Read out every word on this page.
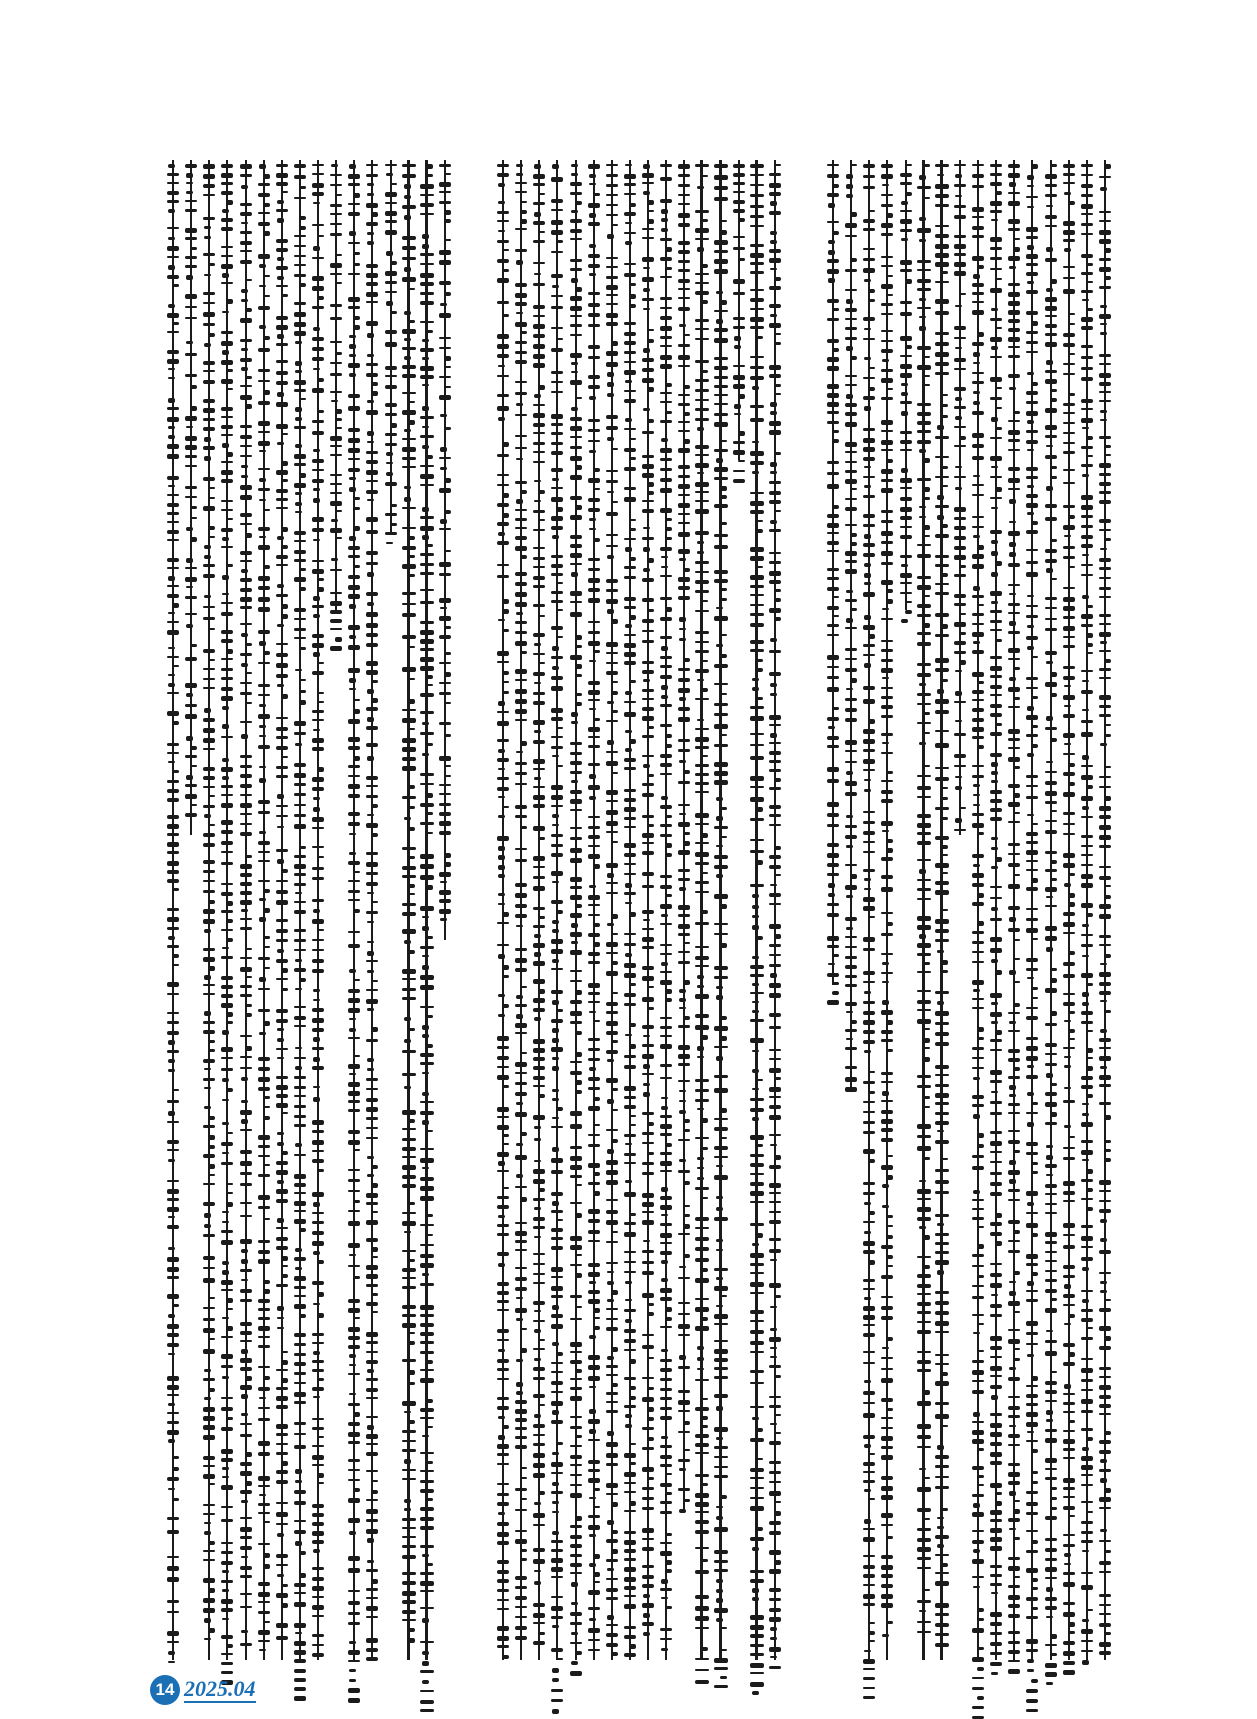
14 2025.04
